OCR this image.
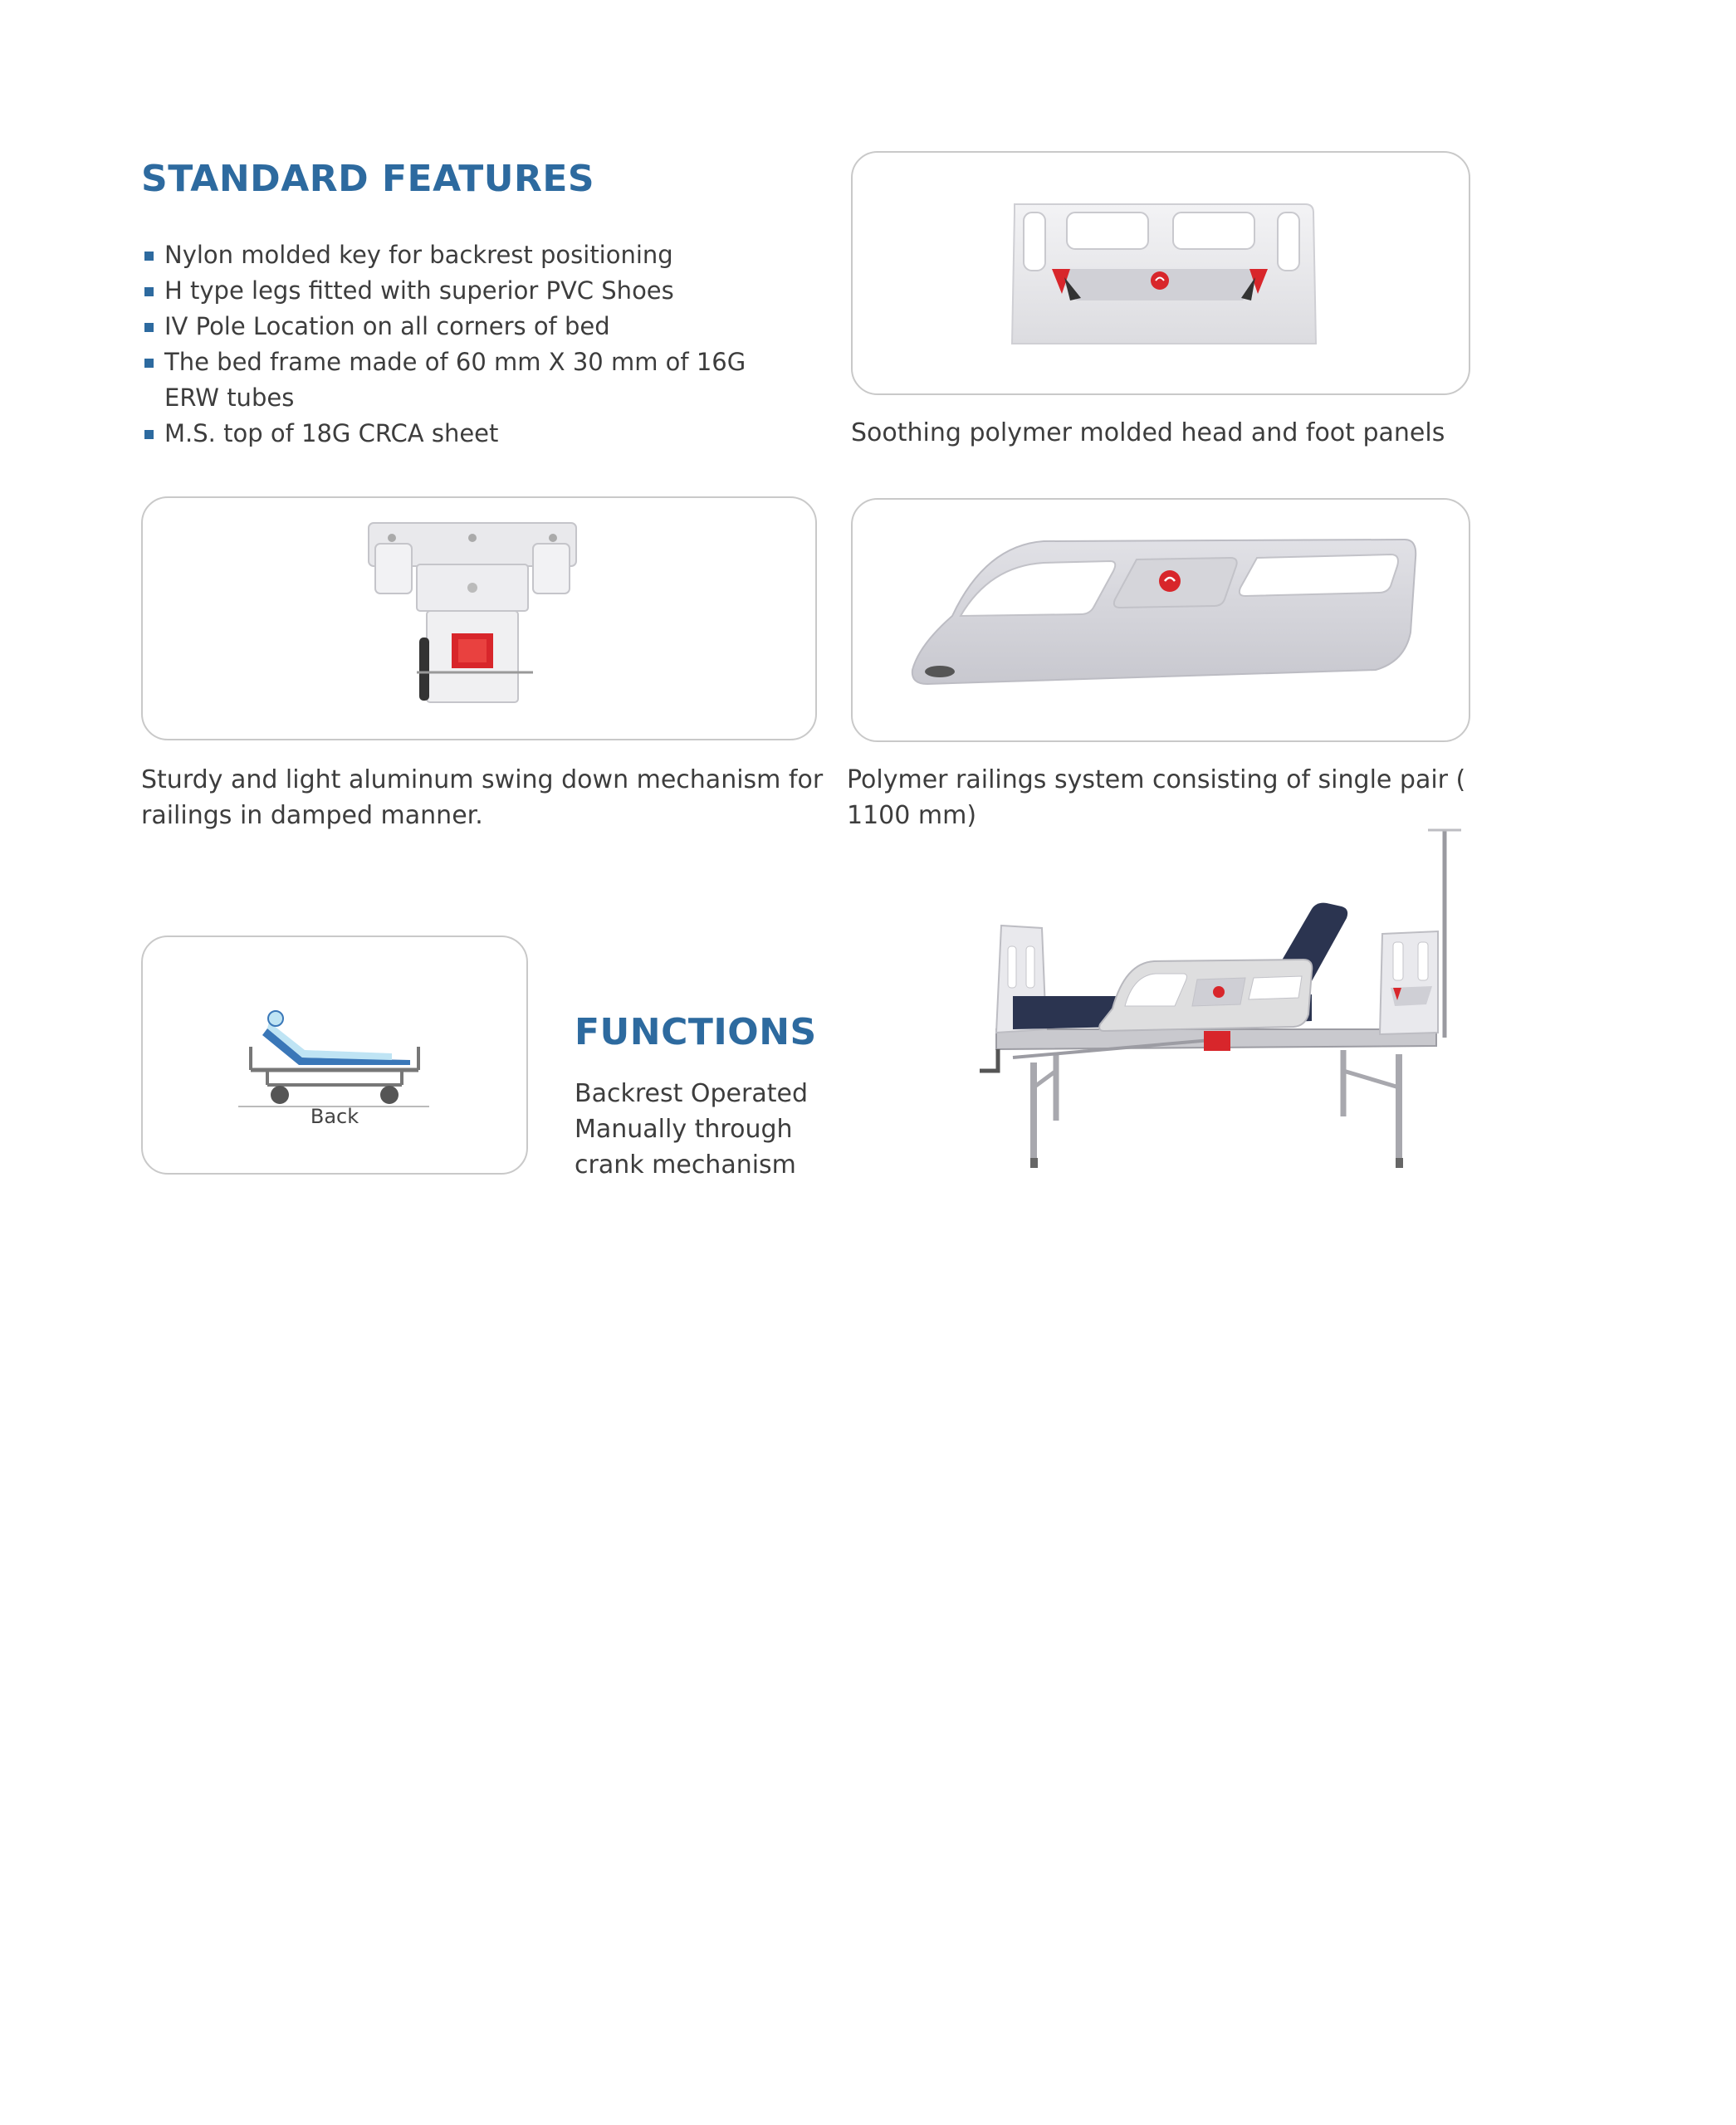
STANDARD FEATURES
Nylon molded key for backrest positioning
H type legs fitted with superior PVC Shoes
IV Pole Location on all corners of bed
The bed frame made of 60 mm X 30 mm of 16G ERW tubes
M.S. top of 18G CRCA sheet	Soothing polymer molded head and foot panels
Sturdy and light aluminum swing down mechanism for railings in damped manner.
Polymer railings system consisting of single pair ( 1100 mm)
Back
FUNCTIONS
Backrest Operated Manually through crank mechanism
